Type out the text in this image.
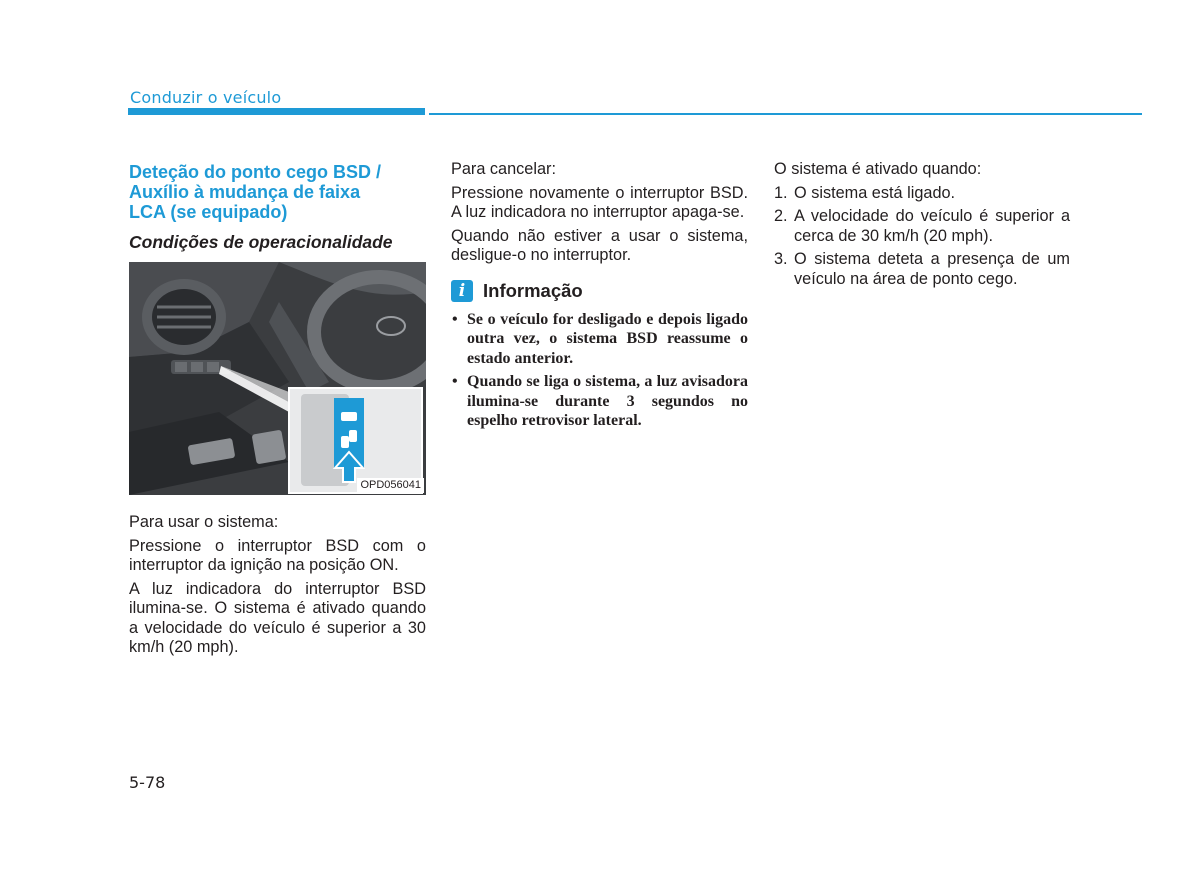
Conduzir o veículo
Deteção do ponto cego BSD /
Auxílio à mudança de faixa
LCA (se equipado)
Condições de operacionalidade
OPD056041

Para usar o sistema:

Pressione o interruptor BSD com o interruptor da ignição na posição ON.

A luz indicadora do interruptor BSD ilumina-se. O sistema é ativado quando a velocidade do veículo é superior a 30 km/h (20 mph).

Para cancelar:

Pressione novamente o interruptor BSD. A luz indicadora no interruptor apaga-se.

Quando não estiver a usar o sistema, desligue-o no interruptor.

i Informação
• Se o veículo for desligado e depois ligado outra vez, o sistema BSD reassume o estado anterior.
• Quando se liga o sistema, a luz avisadora ilumina-se durante 3 segundos no espelho retrovisor lateral.

O sistema é ativado quando:

1. O sistema está ligado.
2. A velocidade do veículo é superior a cerca de 30 km/h (20 mph).
3. O sistema deteta a presença de um veículo na área de ponto cego.
5-78
